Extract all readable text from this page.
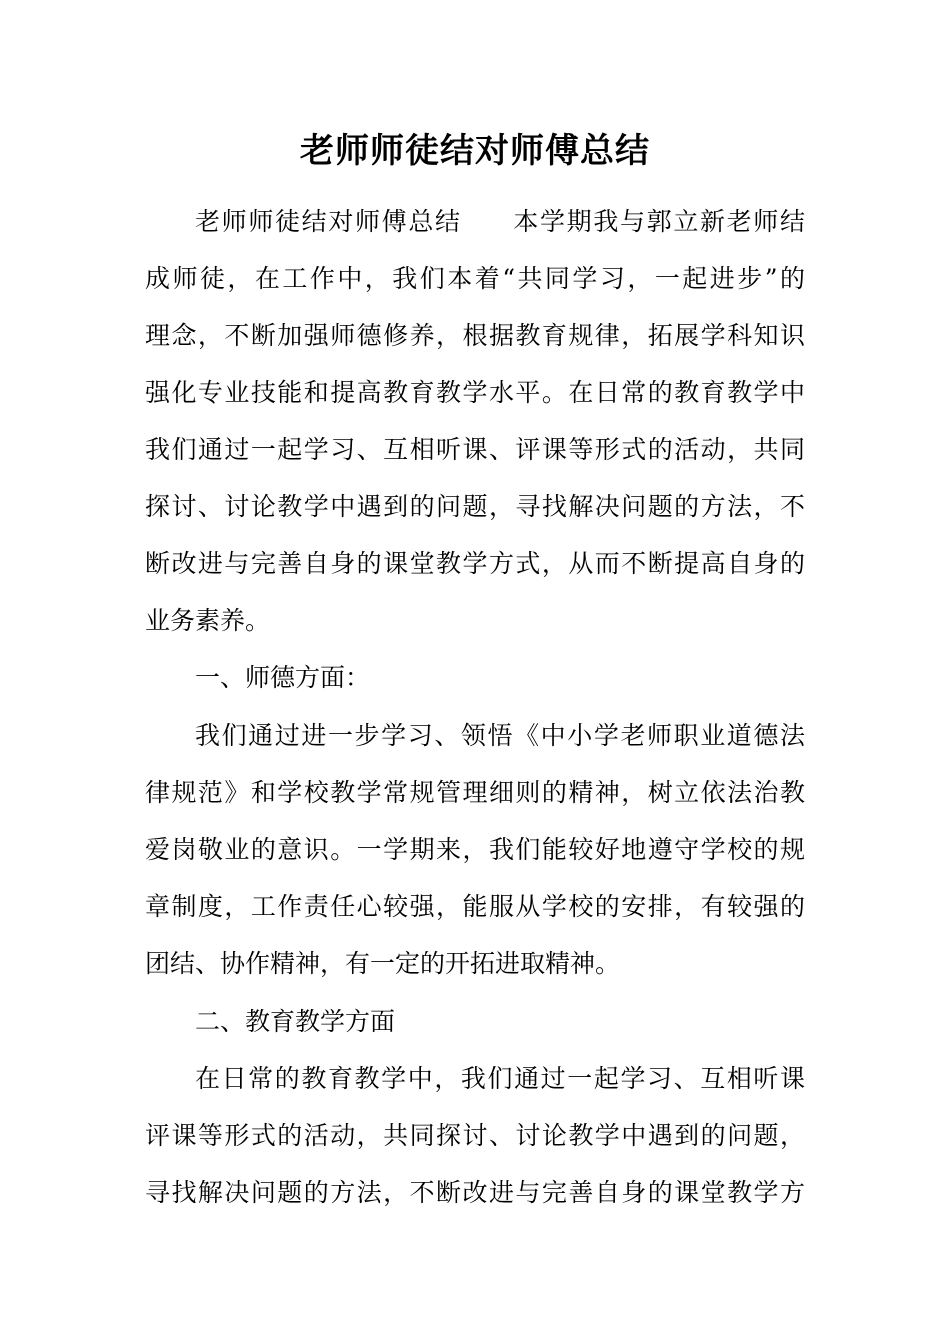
老师师徒结对师傅总结

老师师徒结对师傅总结 本学期我与郭立新老师结

成师徒，在工作中，我们本着“共同学习，一起进步”的

理念，不断加强师德修养，根据教育规律，拓展学科知识

强化专业技能和提高教育教学水平。在日常的教育教学中

我们通过一起学习、互相听课、评课等形式的活动，共同

探讨、讨论教学中遇到的问题，寻找解决问题的方法，不

断改进与完善自身的课堂教学方式，从而不断提高自身的

业务素养。

一、师德方面：

我们通过进一步学习、领悟《中小学老师职业道德法

律规范》和学校教学常规管理细则的精神，树立依法治教

爱岗敬业的意识。一学期来，我们能较好地遵守学校的规

章制度，工作责任心较强，能服从学校的安排，有较强的

团结、协作精神，有一定的开拓进取精神。

二、教育教学方面

在日常的教育教学中，我们通过一起学习、互相听课

评课等形式的活动，共同探讨、讨论教学中遇到的问题，

寻找解决问题的方法，不断改进与完善自身的课堂教学方
